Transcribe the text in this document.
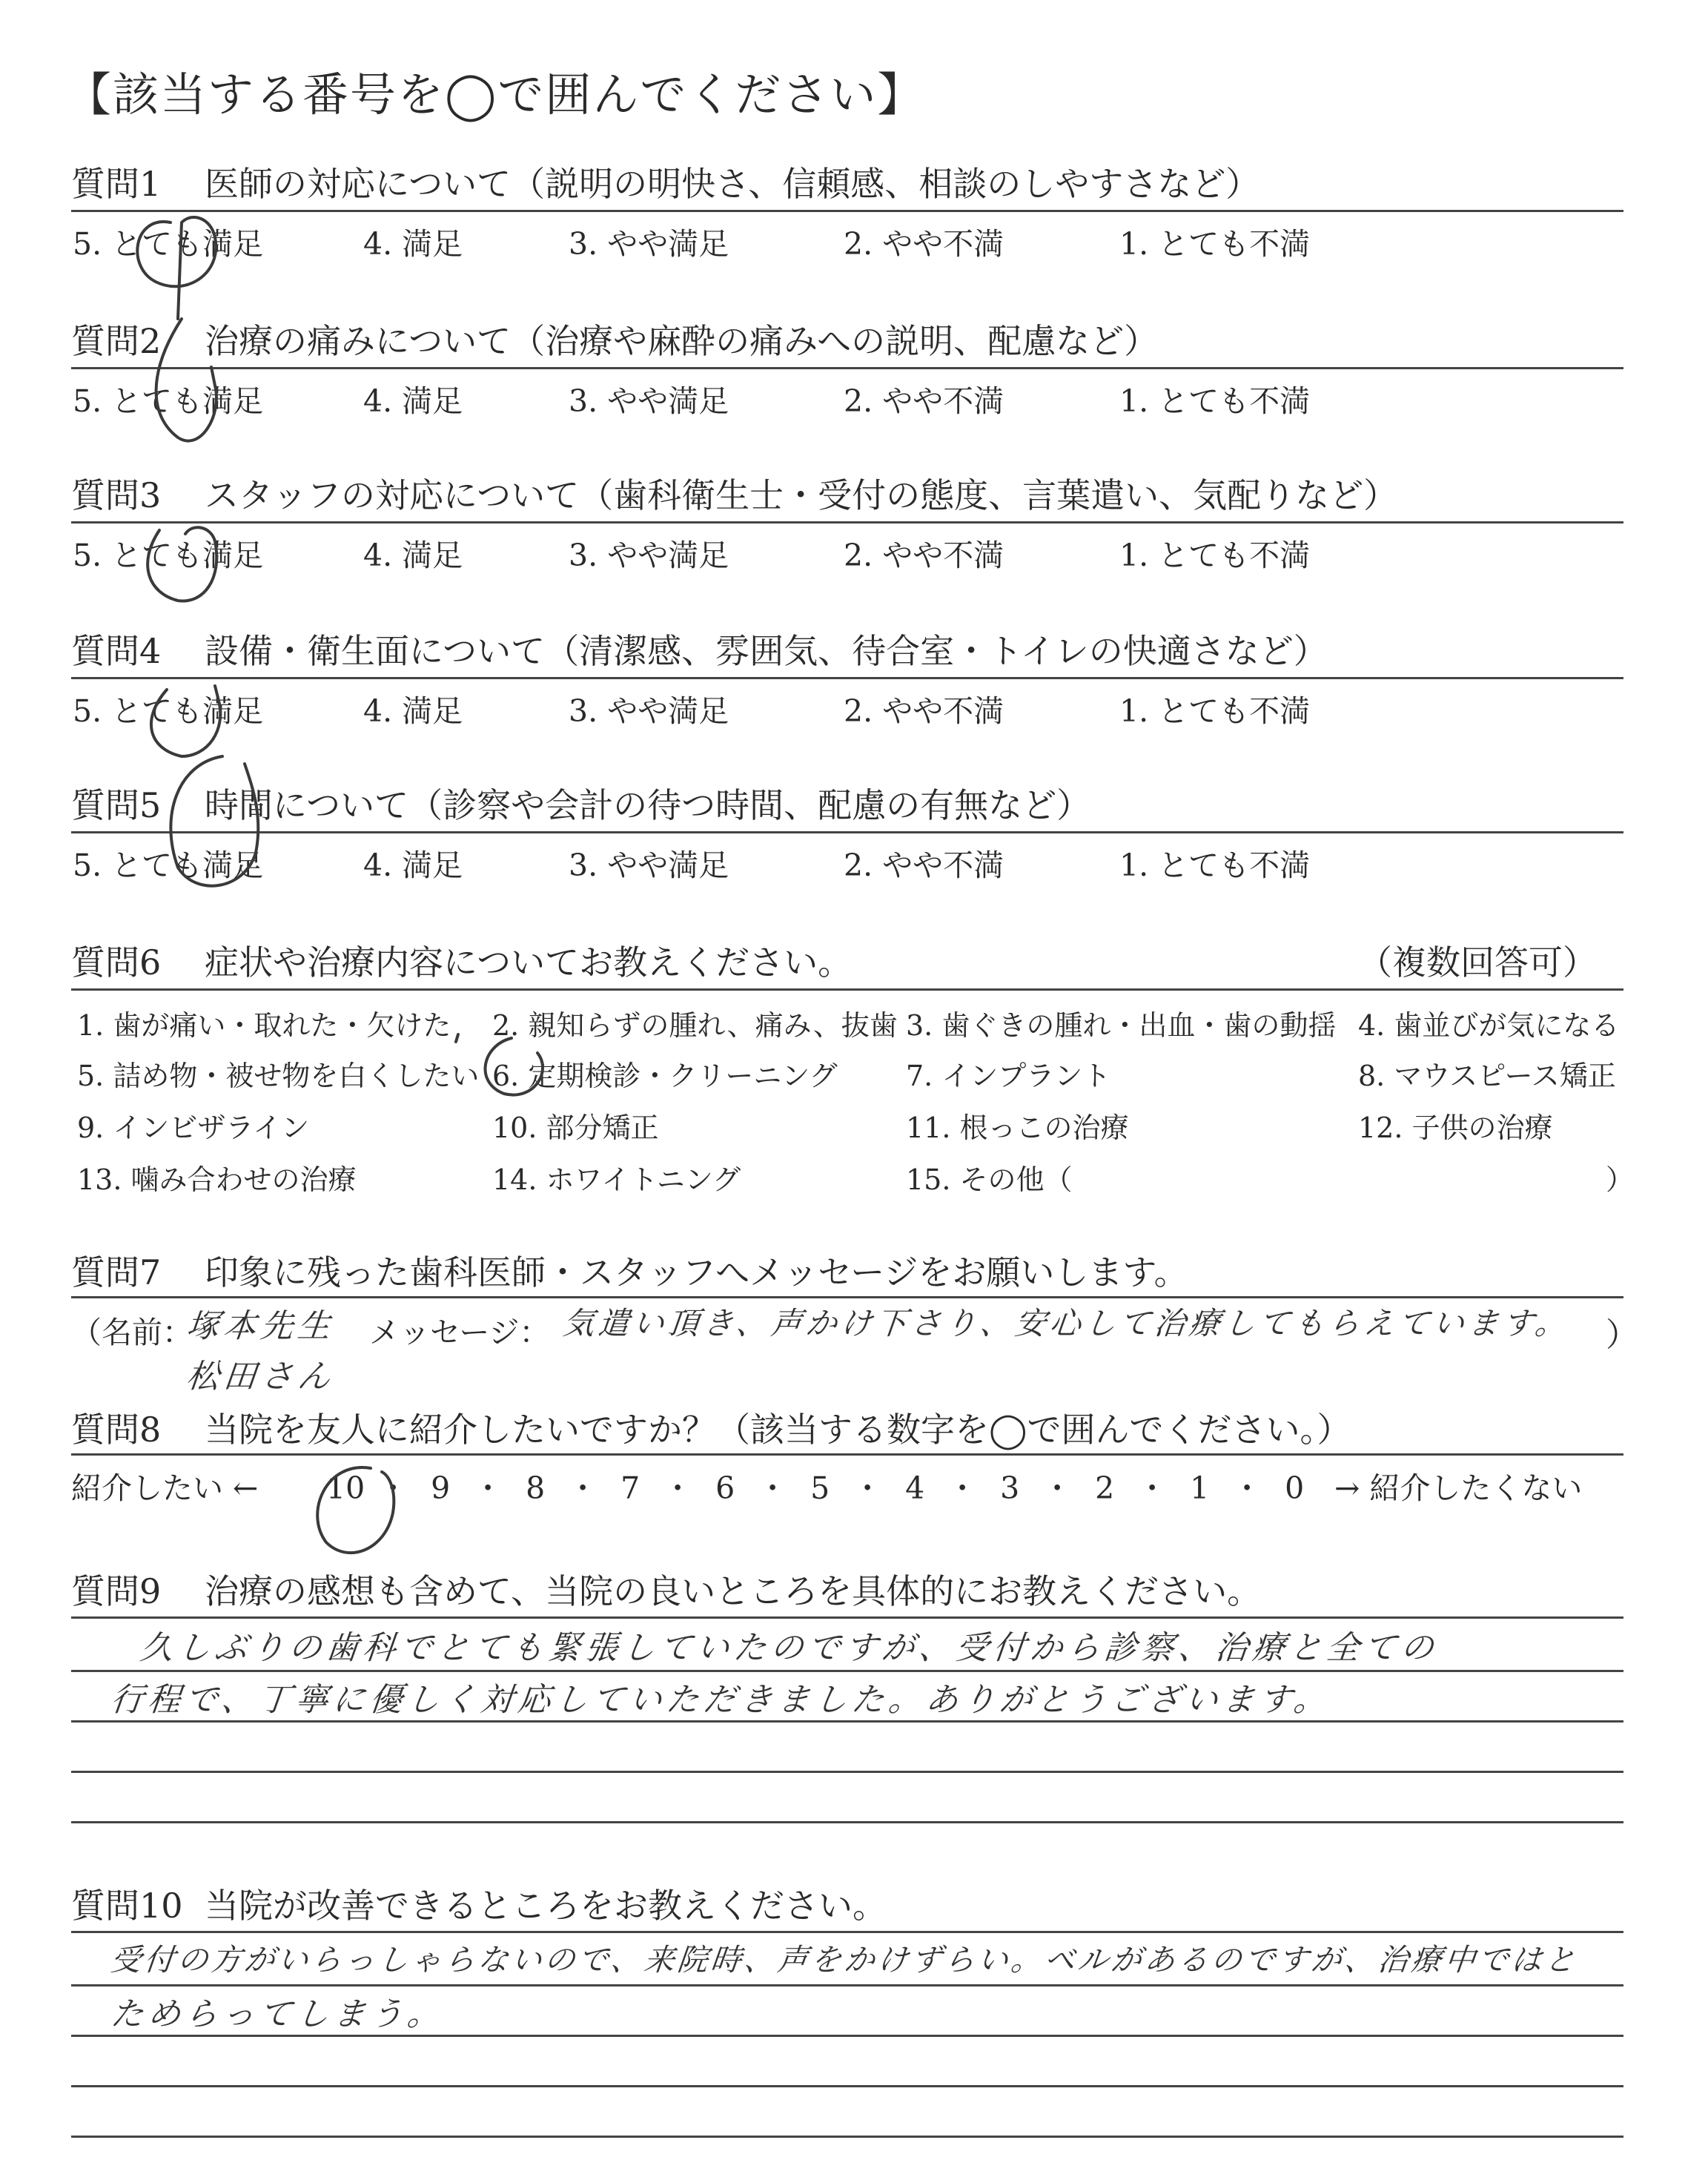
【該当する番号を◯で囲んでください】
質問1 医師の対応について（説明の明快さ、信頼感、相談のしやすさなど）
5. とても満足	4. 満足	3. やや満足	2. やや不満	1. とても不満
質問2 治療の痛みについて（治療や麻酔の痛みへの説明、配慮など）
5. とても満足	4. 満足	3. やや満足	2. やや不満	1. とても不満
質問3 スタッフの対応について（歯科衛生士・受付の態度、言葉遣い、気配りなど）
5. とても満足	4. 満足	3. やや満足	2. やや不満	1. とても不満
質問4 設備・衛生面について（清潔感、雰囲気、待合室・トイレの快適さなど）
5. とても満足	4. 満足	3. やや満足	2. やや不満	1. とても不満
質問5 時間について（診察や会計の待つ時間、配慮の有無など）
5. とても満足	4. 満足	3. やや満足	2. やや不満	1. とても不満
質問6 症状や治療内容についてお教えください。	（複数回答可）
1. 歯が痛い・取れた・欠けた 2. 親知らずの腫れ、痛み、抜歯 3. 歯ぐきの腫れ・出血・歯の動揺 4. 歯並びが気になる
5. 詰め物・被せ物を白くしたい 6. 定期検診・クリーニング 7. インプラント	8. マウスピース矯正
9. インビザライン	10. 部分矯正	11. 根っこの治療	12. 子供の治療
13. 噛み合わせの治療	14. ホワイトニング	15. その他（	）
質問7 印象に残った歯科医師・スタッフへメッセージをお願いします。
（名前：
塚本先生
松田さん
メッセージ： 気遣い頂き、声かけ下さり、安心して治療してもらえています。 ）
質問8 当院を友人に紹介したいですか？（該当する数字を◯で囲んでください。）
紹介したい ← 10 ・ 9 ・ 8 ・ 7 ・ 6 ・ 5 ・ 4 ・ 3 ・ 2 ・ 1 ・ 0 → 紹介したくない
質問9 治療の感想も含めて、当院の良いところを具体的にお教えください。
久しぶりの歯科でとても緊張していたのですが、受付から診察、治療と全ての
行程で、丁寧に優しく対応していただきました。ありがとうございます。
質問10 当院が改善できるところをお教えください。
受付の方がいらっしゃらないので、来院時、声をかけずらい。ベルがあるのですが、治療中ではと
ためらってしまう。
